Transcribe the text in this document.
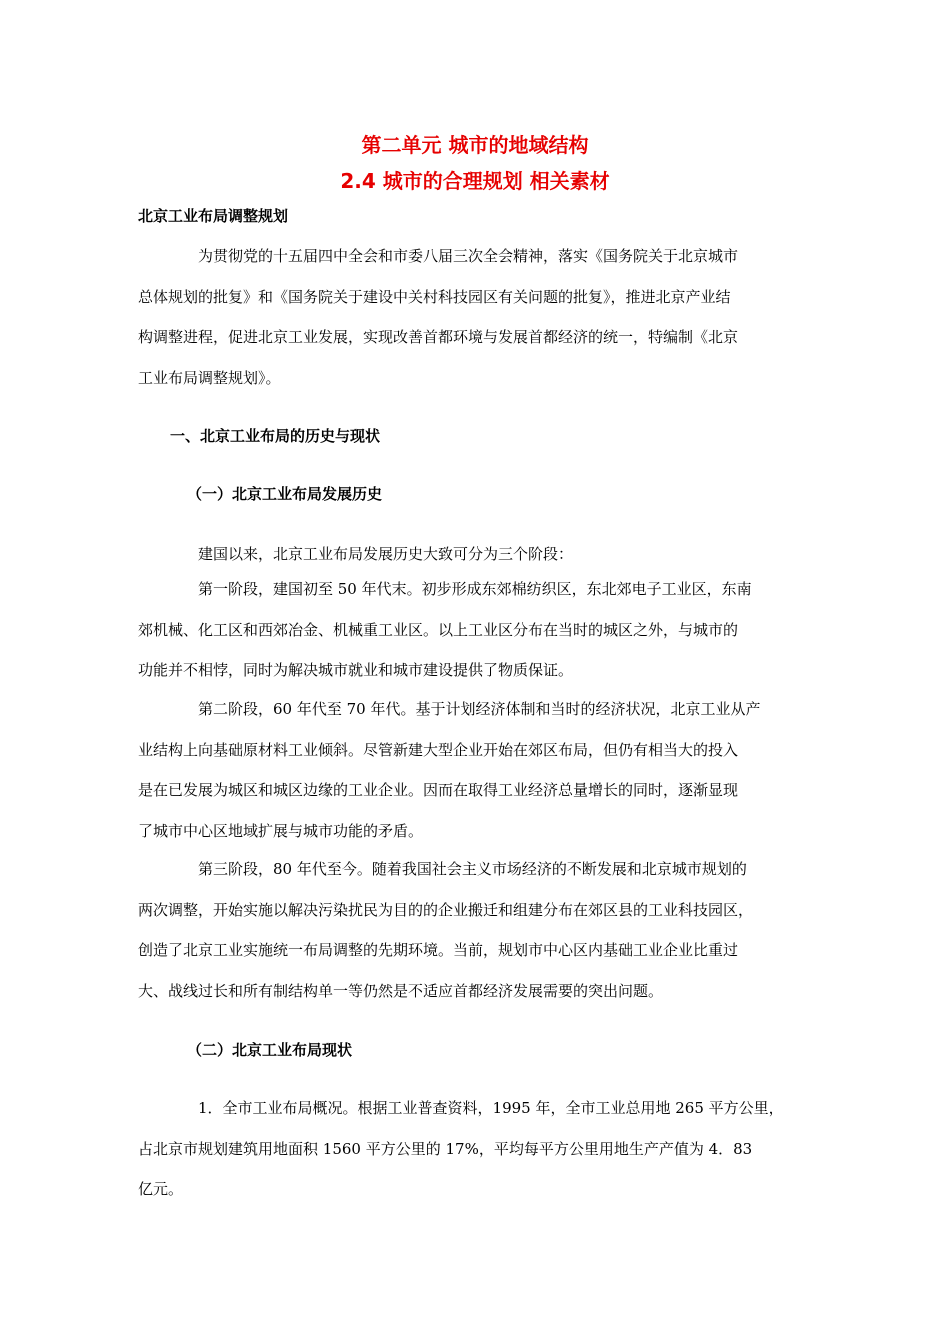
第二单元 城市的地域结构
2.4 城市的合理规划 相关素材
北京工业布局调整规划
为贯彻党的十五届四中全会和市委八届三次全会精神，落实《国务院关于北京城市
总体规划的批复》和《国务院关于建设中关村科技园区有关问题的批复》，推进北京产业结
构调整进程，促进北京工业发展，实现改善首都环境与发展首都经济的统一，特编制《北京
工业布局调整规划》。
一、北京工业布局的历史与现状
（一）北京工业布局发展历史
建国以来，北京工业布局发展历史大致可分为三个阶段：
第一阶段，建国初至 50 年代末。初步形成东郊棉纺织区，东北郊电子工业区，东南
郊机械、化工区和西郊冶金、机械重工业区。以上工业区分布在当时的城区之外，与城市的
功能并不相悖，同时为解决城市就业和城市建设提供了物质保证。
第二阶段，60 年代至 70 年代。基于计划经济体制和当时的经济状况，北京工业从产
业结构上向基础原材料工业倾斜。尽管新建大型企业开始在郊区布局，但仍有相当大的投入
是在已发展为城区和城区边缘的工业企业。因而在取得工业经济总量增长的同时，逐渐显现
了城市中心区地域扩展与城市功能的矛盾。
第三阶段，80 年代至今。随着我国社会主义市场经济的不断发展和北京城市规划的
两次调整，开始实施以解决污染扰民为目的的企业搬迁和组建分布在郊区县的工业科技园区，
创造了北京工业实施统一布局调整的先期环境。当前，规划市中心区内基础工业企业比重过
大、战线过长和所有制结构单一等仍然是不适应首都经济发展需要的突出问题。
（二）北京工业布局现状
1．全市工业布局概况。根据工业普查资料，1995 年，全市工业总用地 265 平方公里，
占北京市规划建筑用地面积 1560 平方公里的 17%，平均每平方公里用地生产产值为 4．83
亿元。
